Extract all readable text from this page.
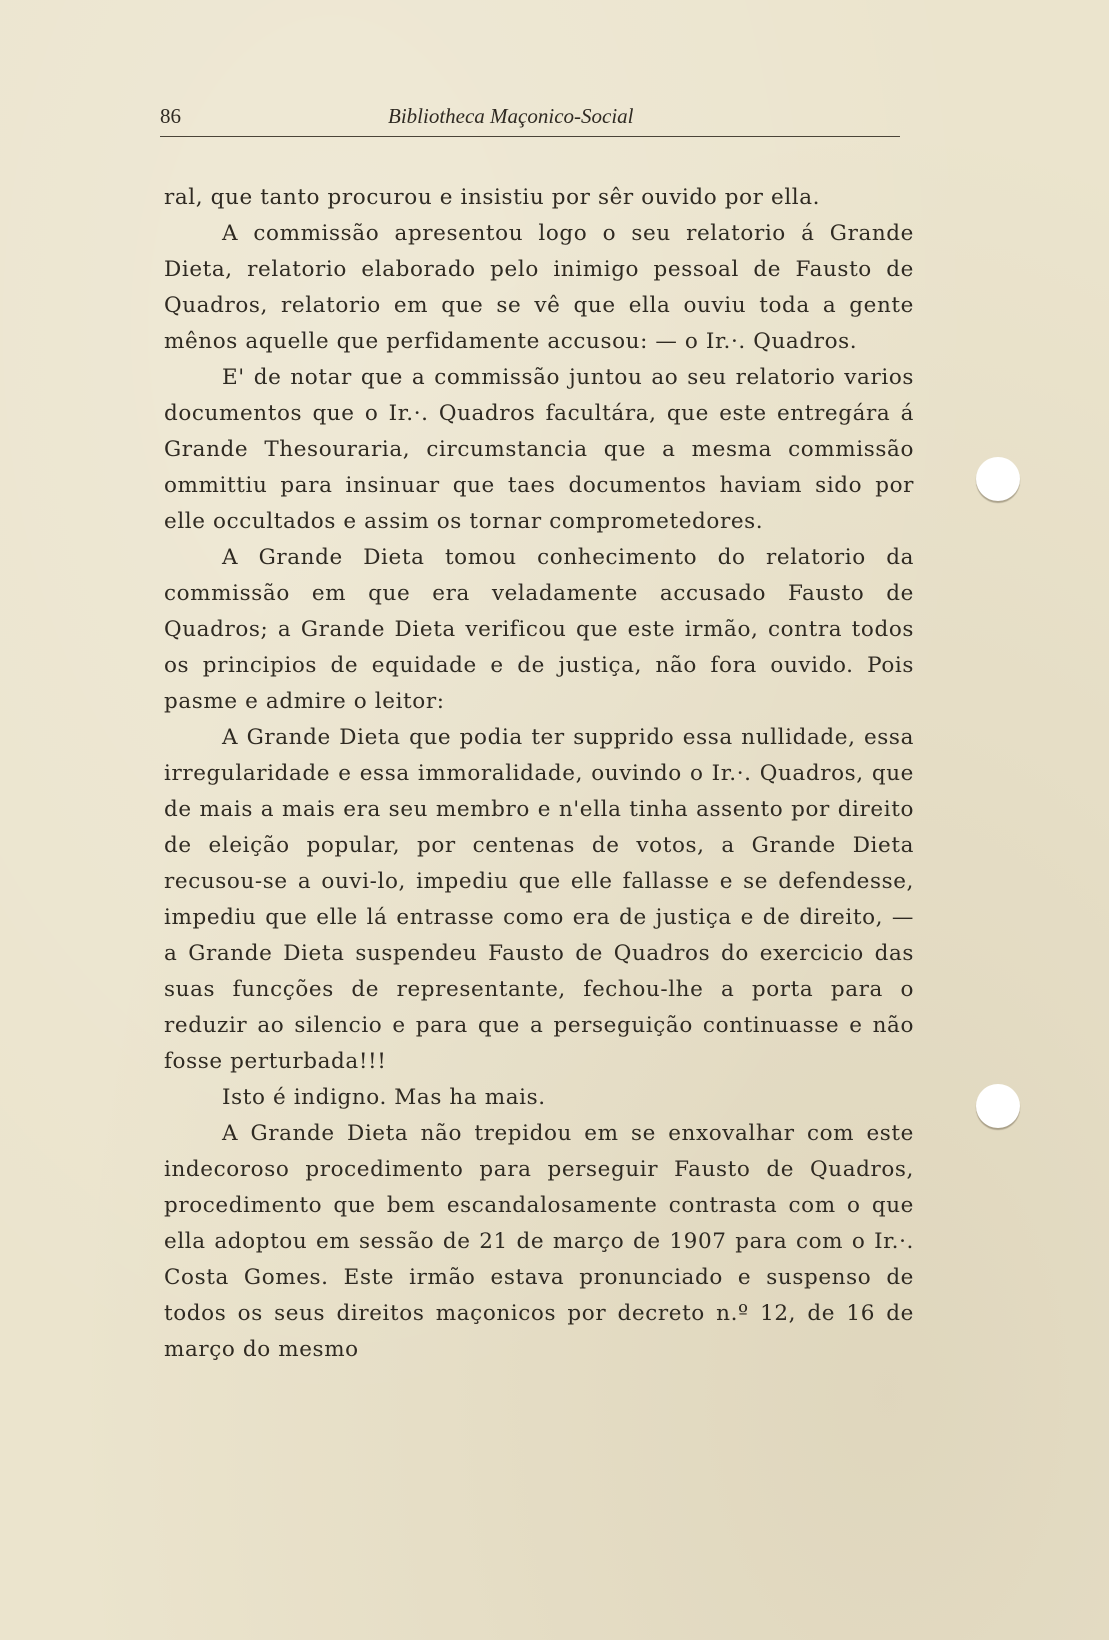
86	Bibliotheca Maçonico-Social

ral, que tanto procurou e insistiu por sêr ouvido por ella.

A commissão apresentou logo o seu relatorio á Grande Dieta, relatorio elaborado pelo inimigo pessoal de Fausto de Quadros, relatorio em que se vê que ella ouviu toda a gente mênos aquelle que perfidamente accusou: — o Ir.·. Quadros.

E' de notar que a commissão juntou ao seu relatorio varios documentos que o Ir.·. Quadros facultára, que este entregára á Grande Thesouraria, circumstancia que a mesma commissão ommittiu para insinuar que taes documentos haviam sido por elle occultados e assim os tornar comprometedores.

A Grande Dieta tomou conhecimento do relatorio da commissão em que era veladamente accusado Fausto de Quadros; a Grande Dieta verificou que este irmão, contra todos os principios de equidade e de justiça, não fora ouvido. Pois pasme e admire o leitor:

A Grande Dieta que podia ter supprido essa nullidade, essa irregularidade e essa immoralidade, ouvindo o Ir.·. Quadros, que de mais a mais era seu membro e n'ella tinha assento por direito de eleição popular, por centenas de votos, a Grande Dieta recusou-se a ouvi-lo, impediu que elle fallasse e se defendesse, impediu que elle lá entrasse como era de justiça e de direito, — a Grande Dieta suspendeu Fausto de Quadros do exercicio das suas funcções de representante, fechou-lhe a porta para o reduzir ao silencio e para que a perseguição continuasse e não fosse perturbada!!!

Isto é indigno. Mas ha mais.

A Grande Dieta não trepidou em se enxovalhar com este indecoroso procedimento para perseguir Fausto de Quadros, procedimento que bem escandalosamente contrasta com o que ella adoptou em sessão de 21 de março de 1907 para com o Ir.·. Costa Gomes. Este irmão estava pronunciado e suspenso de todos os seus direitos maçonicos por decreto n.º 12, de 16 de março do mesmo
